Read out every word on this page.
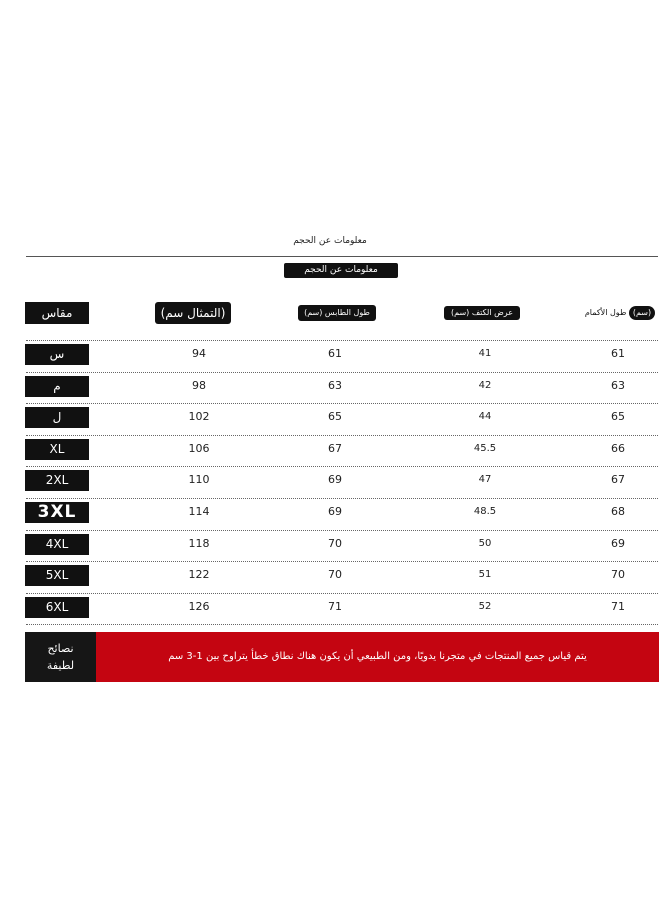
معلومات عن الحجم
معلومات عن الحجم
مقاس	(التمثال سم)	طول الطابس (سم)	عرض الكتف (سم)	طول الأكمام (سم)
س	94	61	41	61
م	98	63	42	63
ل	102	65	44	65
XL	106	67	45.5	66
2XL	110	69	47	67
3XL	114	69	48.5	68
4XL	118	70	50	69
5XL	122	70	51	70
6XL	126	71	52	71
نصائح
لطيفة
يتم قياس جميع المنتجات في متجرنا يدويًا، ومن الطبيعي أن يكون هناك نطاق خطأ يتراوح بين 1-3 سم
